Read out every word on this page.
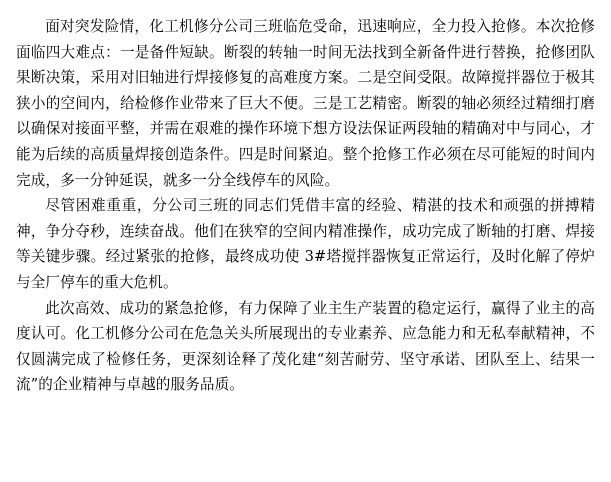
面对突发险情，化工机修分公司三班临危受命，迅速响应，全力投入抢修。本次抢修面临四大难点：一是备件短缺。断裂的转轴一时间无法找到全新备件进行替换，抢修团队果断决策，采用对旧轴进行焊接修复的高难度方案。二是空间受限。故障搅拌器位于极其狭小的空间内，给检修作业带来了巨大不便。三是工艺精密。断裂的轴必须经过精细打磨以确保对接面平整，并需在艰难的操作环境下想方设法保证两段轴的精确对中与同心，才能为后续的高质量焊接创造条件。四是时间紧迫。整个抢修工作必须在尽可能短的时间内完成，多一分钟延误，就多一分全线停车的风险。

尽管困难重重，分公司三班的同志们凭借丰富的经验、精湛的技术和顽强的拼搏精神，争分夺秒，连续奋战。他们在狭窄的空间内精准操作，成功完成了断轴的打磨、焊接等关键步骤。经过紧张的抢修，最终成功使 3#塔搅拌器恢复正常运行，及时化解了停炉与全厂停车的重大危机。

此次高效、成功的紧急抢修，有力保障了业主生产装置的稳定运行，赢得了业主的高度认可。化工机修分公司在危急关头所展现出的专业素养、应急能力和无私奉献精神，不仅圆满完成了检修任务，更深刻诠释了茂化建“刻苦耐劳、坚守承诺、团队至上、结果一流”的企业精神与卓越的服务品质。
